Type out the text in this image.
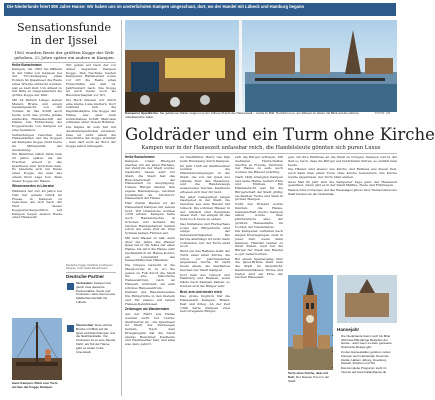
Die Niederlande feiert 800 Jahre Hanse: Wir haben uns im unsterlichsten Kampen umgeschaut, dort, wo der Handel mit Lübeck und Hamburg begann
Sensationsfunde in der Ijssel
1962 wurden Reste der größten Kogge der Welt gehoben, 22 Jahre später ein andere in Kampen
Heike Bunschmann

Kampen. Als 1962 bei Bälkeln in der Nähe von Kampen bei der Trockenlegung eines Polders im Ijsselmeer die Reste eines Wracks entdeckt wurden, war es bald Zeit: Um Ablauf zu mit Hilfe zu Ausgrabenders sie größte Kogge der Welt.

Mit 24 Metern Länge, sieben Metern Breite und einem Gesamtgewicht von 180 Tonnen ist das Schiff auch heute noch das größte jemals entdeckte Handelsschiff der Hanse. Die Entdeckung der Koggewracks von Kampen ist eine Sensation.

Verbindungen zwischen den Hansestädten und die Koggen als Kampens Kogge steht heute im Mittelpunkt der Ausstellung.

Ein ähnliches Glück hatte man 22 Jahre später, als der Frachter erneut in das Ijsselmeer zum Vorschein kam. Es handelte sich um Reste einer Kogge, die man aus einem ihrer Lage hob. Ziele dieser Kogge der Hanse.

Wissenswertes in Literatur

Während der nur 40 Jahre bei Nah hat gerade Glück im Flusse, in Kampen zu besuchen, als sich nach der Welt dieser Koggewrackexpedition. Auf Kampen liegen ebenso Reste einer Hansezeit.

Wir gehen auf Deck der vor Anker liegenden Kampen Kogge. Den Nachbau bauten Kampener Rathmeister sowie vor Ort die Reste eines Holzschiffes aus dem 14. Jahrhundert nach. Die Kogge ist auch heute noch als Besuchermagnet vor Ort.

Ins Heck müssen wir durch eine kleine Luke klettern. Dort befindet sich die Kapitänskajüte. Die Kogge der Hanse war eher kein komfortables Schiff: Matrosen schliefen unter freiem Himmel.

Die Kajüte ist zum Teil mit Ausstellungsstücken versehen. Dies ist nicht allein die Geschichte der Kogge erlebbar - man darf auch an Bord der Kogge selbst mitsegeln.

Deutsche Kogge, Nachbau im Museum Kampen. Foto: Heike Bunschmann
Deutsche Partner
Verbunden: Kampen hat gleich zwei deutsche Partnerstädte: Soest und Cuxhaven; dazu kommt eine Städtefreundschaft mit Lübeck.
Überrechen: Eine schöne Brücke mit Blick auf die Ijssel verbindet Kampen und die Nachbarstädte. Von Cuxhaven ist es eine Stunde Fahrt; als Teil der Hanse geht es weiter in die Innenstadt.
Ganz Kampen: Blick vom Turm am See der Kogge Kampen.
Kampener Sparlkirche: Sie gebliemen Räder zeigen nun der frühere Pracht der Hansestadt – rechts im Bild: Herrlich ist es, am Wasser zu sitzen mit Blick auf die schöne, mittelalterliche Stadt.
FOTOS: H.B.
Goldräder und ein Turm ohne Kirche
Kampen war in der Hansezeit unfassbar reich, die Handelsleute gönnten sich puren Luxus
Heike Bunschmann

Kampen. Unser Rhetgeld machen wir am alten Rathaus, der Zentrum der Stadt wurde: Gastwirte bauen sehr zur Stadt, die Stadt fast das Bewohnerschaft der Hansestadt zu Ausprägung. Unsere Bürger fanden ihre eigene Handelswege, reichten Gutshäuser an. Stichwort: Hansestadt der Hanse.

Hier finden Bauten ist als Hansestadt Kampen mit seinen Gold. Wir Grabreiche wurden 1338 erbaut. Kampen hatte auch Handelsrechte in Schonen und Gotland, die reichen Handelsherren heißen schon die erste Zeit ab. Zum Schluss kamen Fürsten auf.

Mit dem Wasser zu nah, denn über die Jahre das Wasser Ijssel bis in die Nähe der alten Hanse. Da wird die Hanse sehr nachdenklich im Hanse-Kontor, ein Lebensbild des hansestädtischen Händlers.

Die Gruppe versucht in die Meerjournal in zu wo Sie gehen zu Fuß durch die Stadt ins alte historische Hansezentrum, reich an Hausern, kultiviert, ein sehr schönes Hansezentrum.

Gletlein des Hausinstendens Die Bürgerliche in den Giebeln und Tür ebenso mit feinen Hansen-Kenntnissen.

Zeitzeugen als Wandermaler

Auf der Fahrt aus Hanse wenden nicht nur 'reiche' Stadtviertel an - die Ijsselmeer ist Stadt der Zeitzeugen kennen, Nach dem Kriegsbeginn hat die Stadt ebenso Bewohner, Kaufleute und Handwerker hier, und alles was dazu gehört.

ist Stadtführer Harry van Dijk beim Rundgang durch Kampen.

Im Jahr 1338 als Stadtbesitzer wurden die Handelsbedingungen in der Stadt, die von der Ijssel aus ständig über den Hausburg- und die Handelswege ausgeweitet wurden. Kaufleute erbauen sich hier ihr Gold.

Bei jeder Gelegenheit zeigen Gastgeber in der Stadt, die Gewinne aus dem Handel mit Lübeck. Die schönen Häuser in der Altstadt sind Zeugnisse dieser Zeit - bei einigen ist das Gold noch heute zu sehen.

Das Gildehaus und Fischerhaus sowie der Bürgerturm sind einige der Sehenswürdigkeiten. Die Kirche allerdings ist nicht mehr vorhanden, nur der Turm steht noch.

Rund um das Rathaus steht der Turm einer alten Kirche, die schon vor Jahrhunderten abgerissen wurde. Er steht heute allein, als markantes Zeichen der Stadt Kampen.

Dort kam aus Lübeck und Hamburg und Bremen, wenn Gäste nach Kampen kamen, so freuten sich die Bürger sehr.

Brot, arm und wieder reich

Das große Unglück traf die Hansestadt Kampen: Brand, Pest und Krieg. Ab der Zeit 1340 hatte Kampen zwei hervorragende Bürger.

sich die Bürger erfreuen. Mit mehreren Herrschaften machte es Freude, Vertreter der Hanse zu sein, auch wurden die Häuser prächtig.

Nach 1400 erlangten Kampen und seine Hanse weitere Ehre und Einfluss. Ein Handelsrecht war für die Bürgerschaft der Stadt gültig; sie kauften Tuche und Wein in großen Mengen.

Nicht nur Holland wurde Kunden, die Hanse-Gemeinschaft wuchs. Kampen selbst wurde über Jahrhunderte eine der größten Hansestädte im Norden der Niederlande.

Die Kampener verließen nach langen Überlegungen, zwar in jener Zeit, wenn dann Kampen. Händler reisten zu ihren Zielen, weil nur die Bürger der Stadt den Handel so gut beherrschten.

Bei einem Spaziergang über die Ijssel-Brücke sieht man die Stadt im Abendlicht: Kaufmannshäuser, Türme und Giebel sind ein Erbe der reichen Hansezeit.

gen, um ihre Einflüsse an die Stadt zu bringen. Kampen war in der Zeit so reich, dass die Bürger auf Goldrädern fuhren, so erzählt man heute.

Die Häuser sind ebenso wie Kirche und Rathaus aus dieser Zeit, auch kann man einen Turm ohne Kirche bewundern: Die Kirche wurde abgerissen, der Turm blieb stehen.

Zwei Mal im Jahr sind die Kampener Tage ganz der Hansezeit gewidmet. Dann gibt es in der Stadt Märkte, Feste und Führungen.

Weitere Infos zu Kampen und den Hansetagen gibt es beim Tourismusbüro der Stadt Kampen an der Oudestraat.

Turm ohne Kirche, aber mit Kuh: Der Nieuwe Toren in der Stadt.
Hansejahr
• Die Niederlande feiern noch bis Mitte 2024 das 800-jährige Bestehen der Hanse - auch wenn es dazu genauere historische Belege gibt.
• Zu den Hansestädten gehören neben Kampen auch Harderwijk, Deventer, Zwolle, Hattem, Elburg, Doesburg, Hasselt, Zutphen und Tiel.
• Das komplette Programm steht im Internet auf www.hollandhanse.de.
